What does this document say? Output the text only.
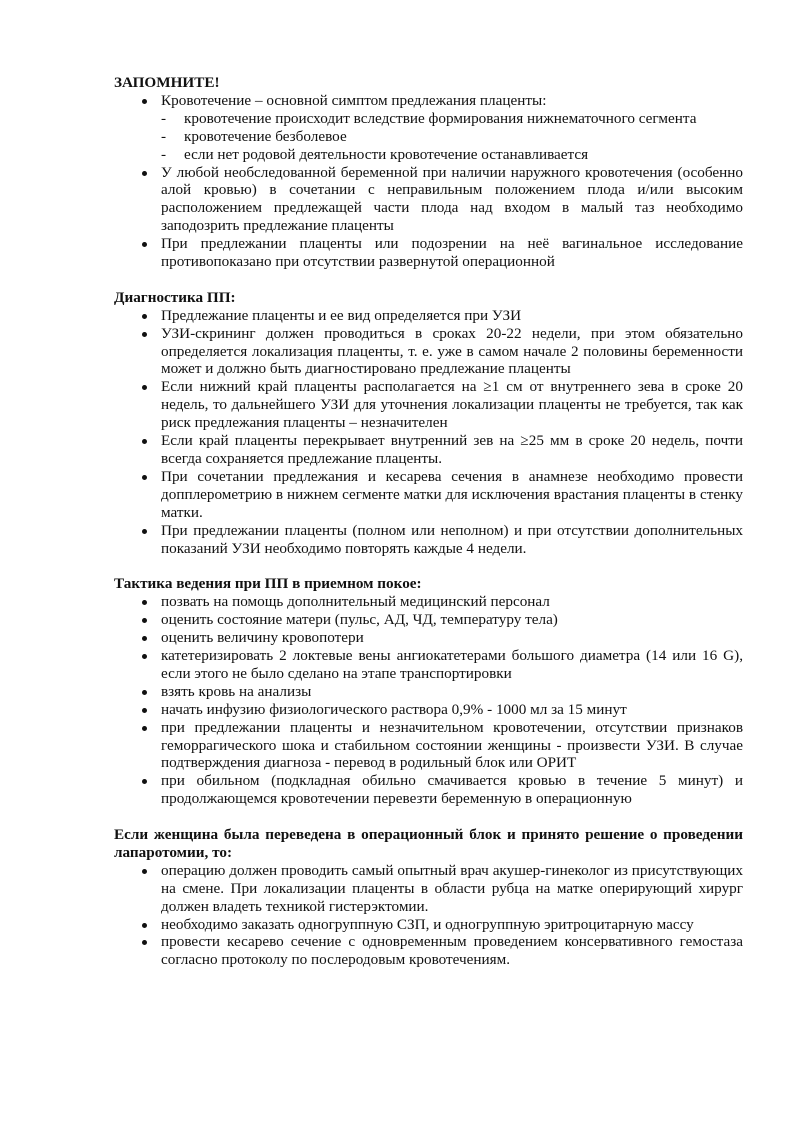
ЗАПОМНИТЕ!
Кровотечение – основной симптом предлежания плаценты:
- кровотечение происходит вследствие формирования нижнематочного сегмента
- кровотечение безболевое
- если нет родовой деятельности кровотечение останавливается
У любой необследованной беременной при наличии наружного кровотечения (особенно алой кровью) в сочетании с неправильным положением плода и/или высоким расположением предлежащей части плода над входом в малый таз необходимо заподозрить предлежание плаценты
При предлежании плаценты или подозрении на неё вагинальное исследование противопоказано при отсутствии развернутой операционной
Диагностика ПП:
Предлежание плаценты и ее вид определяется при УЗИ
УЗИ-скрининг должен проводиться в сроках 20-22 недели, при этом обязательно определяется локализация плаценты, т. е. уже в самом начале 2 половины беременности может и должно быть диагностировано предлежание плаценты
Если нижний край плаценты располагается на ≥1 см от внутреннего зева в сроке 20 недель, то дальнейшего УЗИ для уточнения локализации плаценты не требуется, так как риск предлежания плаценты – незначителен
Если край плаценты перекрывает внутренний зев на ≥25 мм в сроке 20 недель, почти всегда сохраняется предлежание плаценты.
При сочетании предлежания и кесарева сечения в анамнезе необходимо провести допплерометрию в нижнем сегменте матки для исключения врастания плаценты в стенку матки.
При предлежании плаценты (полном или неполном) и при отсутствии дополнительных показаний УЗИ необходимо повторять каждые 4 недели.
Тактика ведения при ПП в приемном покое:
позвать на помощь дополнительный медицинский персонал
оценить состояние матери (пульс, АД, ЧД, температуру тела)
оценить величину кровопотери
катетеризировать 2 локтевые вены ангиокатетерами большого диаметра (14 или 16 G), если этого не было сделано на этапе транспортировки
взять кровь на анализы
начать инфузию физиологического раствора 0,9% - 1000 мл за 15 минут
при предлежании плаценты и незначительном кровотечении, отсутствии признаков геморрагического шока и стабильном состоянии женщины - произвести УЗИ. В случае подтверждения диагноза - перевод в родильный блок или ОРИТ
при обильном (подкладная обильно смачивается кровью в течение 5 минут) и продолжающемся кровотечении перевезти беременную в операционную
Если женщина была переведена в операционный блок и принято решение о проведении лапаротомии, то:
операцию должен проводить самый опытный врач акушер-гинеколог из присутствующих на смене. При локализации плаценты в области рубца на матке оперирующий хирург должен владеть техникой гистерэктомии.
необходимо заказать одногруппную СЗП, и одногруппную эритроцитарную массу
провести кесарево сечение с одновременным проведением консервативного гемостаза согласно протоколу по послеродовым кровотечениям.
